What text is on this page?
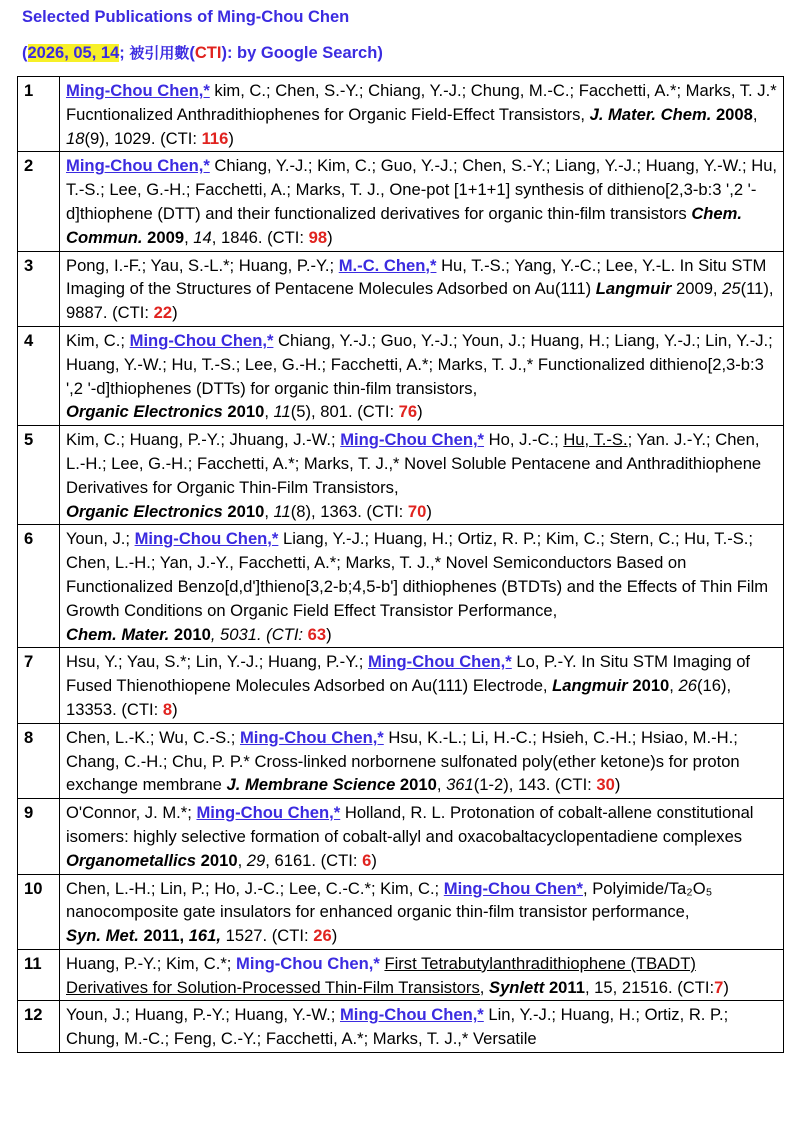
Selected Publications of Ming-Chou Chen
(2026, 05, 14; 被引用數(CTI): by Google Search)
1	Ming-Chou Chen,* kim, C.; Chen, S.-Y.; Chiang, Y.-J.; Chung, M.-C.; Facchetti, A.*; Marks, T. J.* Fucntionalized Anthradithiophenes for Organic Field-Effect Transistors, J. Mater. Chem. 2008, 18(9), 1029. (CTI: 116)
2	Ming-Chou Chen,* Chiang, Y.-J.; Kim, C.; Guo, Y.-J.; Chen, S.-Y.; Liang, Y.-J.; Huang, Y.-W.; Hu, T.-S.; Lee, G.-H.; Facchetti, A.; Marks, T. J., One-pot [1+1+1] synthesis of dithieno[2,3-b:3 ',2 '-d]thiophene (DTT) and their functionalized derivatives for organic thin-film transistors Chem. Commun. 2009, 14, 1846. (CTI: 98)
3	Pong, I.-F.; Yau, S.-L.*; Huang, P.-Y.; M.-C. Chen,* Hu, T.-S.; Yang, Y.-C.; Lee, Y.-L. In Situ STM Imaging of the Structures of Pentacene Molecules Adsorbed on Au(111) Langmuir 2009, 25(11), 9887. (CTI: 22)
4	Kim, C.; Ming-Chou Chen,* Chiang, Y.-J.; Guo, Y.-J.; Youn, J.; Huang, H.; Liang, Y.-J.; Lin, Y.-J.; Huang, Y.-W.; Hu, T.-S.; Lee, G.-H.; Facchetti, A.*; Marks, T. J.,* Functionalized dithieno[2,3-b:3 ',2 '-d]thiophenes (DTTs) for organic thin-film transistors,
Organic Electronics 2010, 11(5), 801. (CTI: 76)
5	Kim, C.; Huang, P.-Y.; Jhuang, J.-W.; Ming-Chou Chen,* Ho, J.-C.; Hu, T.-S.; Yan. J.-Y.; Chen, L.-H.; Lee, G.-H.; Facchetti, A.*; Marks, T. J.,* Novel Soluble Pentacene and Anthradithiophene Derivatives for Organic Thin-Film Transistors,
Organic Electronics 2010, 11(8), 1363. (CTI: 70)
6	Youn, J.; Ming-Chou Chen,* Liang, Y.-J.; Huang, H.; Ortiz, R. P.; Kim, C.; Stern, C.; Hu, T.-S.; Chen, L.-H.; Yan, J.-Y., Facchetti, A.*; Marks, T. J.,* Novel Semiconductors Based on Functionalized Benzo[d,d']thieno[3,2-b;4,5-b'] dithiophenes (BTDTs) and the Effects of Thin Film Growth Conditions on Organic Field Effect Transistor Performance,
Chem. Mater. 2010, 5031. (CTI: 63)
7	Hsu, Y.; Yau, S.*; Lin, Y.-J.; Huang, P.-Y.; Ming-Chou Chen,* Lo, P.-Y. In Situ STM Imaging of Fused Thienothiopene Molecules Adsorbed on Au(111) Electrode, Langmuir 2010, 26(16), 13353. (CTI: 8)
8	Chen, L.-K.; Wu, C.-S.; Ming-Chou Chen,* Hsu, K.-L.; Li, H.-C.; Hsieh, C.-H.; Hsiao, M.-H.; Chang, C.-H.; Chu, P. P.* Cross-linked norbornene sulfonated poly(ether ketone)s for proton exchange membrane J. Membrane Science 2010, 361(1-2), 143. (CTI: 30)
9	O'Connor, J. M.*; Ming-Chou Chen,* Holland, R. L. Protonation of cobalt-allene constitutional isomers: highly selective formation of cobalt-allyl and oxacobaltacyclopentadiene complexes Organometallics 2010, 29, 6161. (CTI: 6)
10	Chen, L.-H.; Lin, P.; Ho, J.-C.; Lee, C.-C.*; Kim, C.; Ming-Chou Chen*, Polyimide/Ta₂O₅ nanocomposite gate insulators for enhanced organic thin-film transistor performance,
Syn. Met. 2011, 161, 1527. (CTI: 26)
11	Huang, P.-Y.; Kim, C.*; Ming-Chou Chen,* First Tetrabutylanthradithiophene (TBADT) Derivatives for Solution-Processed Thin-Film Transistors, Synlett 2011, 15, 21516. (CTI:7)
12	Youn, J.; Huang, P.-Y.; Huang, Y.-W.; Ming-Chou Chen,* Lin, Y.-J.; Huang, H.; Ortiz, R. P.; Chung, M.-C.; Feng, C.-Y.; Facchetti, A.*; Marks, T. J.,* Versatile
